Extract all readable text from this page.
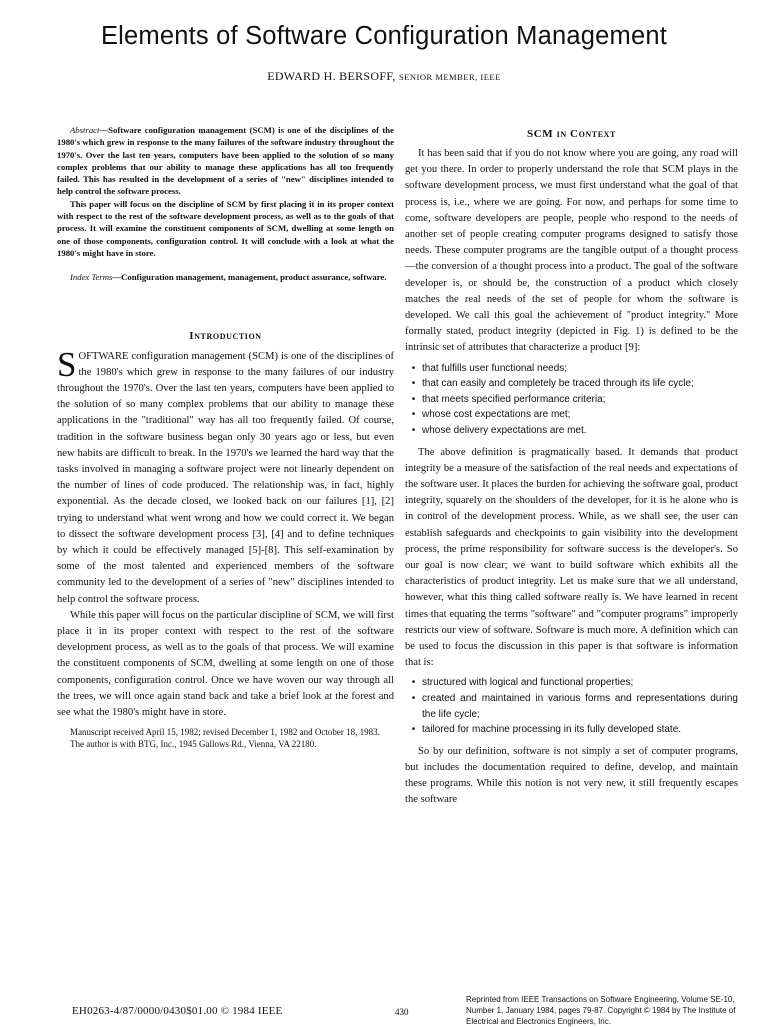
Elements of Software Configuration Management
EDWARD H. BERSOFF, SENIOR MEMBER, IEEE

Abstract—Software configuration management (SCM) is one of the disciplines of the 1980's which grew in response to the many failures of the software industry throughout the 1970's. Over the last ten years, computers have been applied to the solution of so many complex problems that our ability to manage these applications has all too frequently failed. This has resulted in the development of a series of "new" disciplines intended to help control the software process.

This paper will focus on the discipline of SCM by first placing it in its proper context with respect to the rest of the software development process, as well as to the goals of that process. It will examine the constituent components of SCM, dwelling at some length on one of those components, configuration control. It will conclude with a look at what the 1980's might have in store.

Index Terms—Configuration management, management, product assurance, software.
Introduction

SOFTWARE configuration management (SCM) is one of the disciplines of the 1980's which grew in response to the many failures of our industry throughout the 1970's. Over the last ten years, computers have been applied to the solution of so many complex problems that our ability to manage these applications in the "traditional" way has all too frequently failed. Of course, tradition in the software business began only 30 years ago or less, but even new habits are difficult to break. In the 1970's we learned the hard way that the tasks involved in managing a software project were not linearly dependent on the number of lines of code produced. The relationship was, in fact, highly exponential. As the decade closed, we looked back on our failures [1], [2] trying to understand what went wrong and how we could correct it. We began to dissect the software development process [3], [4] and to define techniques by which it could be effectively managed [5]-[8]. This self-examination by some of the most talented and experienced members of the software community led to the development of a series of "new" disciplines intended to help control the software process.

While this paper will focus on the particular discipline of SCM, we will first place it in its proper context with respect to the rest of the software development process, as well as to the goals of that process. We will examine the constituent components of SCM, dwelling at some length on one of those components, configuration control. Once we have woven our way through all the trees, we will once again stand back and take a brief look at the forest and see what the 1980's might have in store.

Manuscript received April 15, 1982; revised December 1, 1982 and October 18, 1983.

The author is with BTG, Inc., 1945 Gallows Rd., Vienna, VA 22180.

SCM in Context

It has been said that if you do not know where you are going, any road will get you there. In order to properly understand the role that SCM plays in the software development process, we must first understand what the goal of that process is, i.e., where we are going. For now, and perhaps for some time to come, software developers are people, people who respond to the needs of another set of people creating computer programs designed to satisfy those needs. These computer programs are the tangible output of a thought process—the conversion of a thought process into a product. The goal of the software developer is, or should be, the construction of a product which closely matches the real needs of the set of people for whom the software is developed. We call this goal the achievement of "product integrity." More formally stated, product integrity (depicted in Fig. 1) is defined to be the intrinsic set of attributes that characterize a product [9]:

• that fulfills user functional needs;
• that can easily and completely be traced through its life cycle;
• that meets specified performance criteria;
• whose cost expectations are met;
• whose delivery expectations are met.

The above definition is pragmatically based. It demands that product integrity be a measure of the satisfaction of the real needs and expectations of the software user. It places the burden for achieving the software goal, product integrity, squarely on the shoulders of the developer, for it is he alone who is in control of the development process. While, as we shall see, the user can establish safeguards and checkpoints to gain visibility into the development process, the prime responsibility for software success is the developer's. So our goal is now clear; we want to build software which exhibits all the characteristics of product integrity. Let us make sure that we all understand, however, what this thing called software really is. We have learned in recent times that equating the terms "software" and "computer programs" improperly restricts our view of software. Software is much more. A definition which can be used to focus the discussion in this paper is that software is information that is:

• structured with logical and functional properties;
• created and maintained in various forms and representations during the life cycle;
• tailored for machine processing in its fully developed state.

So by our definition, software is not simply a set of computer programs, but includes the documentation required to define, develop, and maintain these programs. While this notion is not very new, it still frequently escapes the software

Reprinted from IEEE Transactions on Software Engineering, Volume SE-10, Number 1, January 1984, pages 79-87. Copyright © 1984 by The Institute of Electrical and Electronics Engineers, Inc.
EH0263-4/87/0000/0430$01.00 © 1984 IEEE	430
